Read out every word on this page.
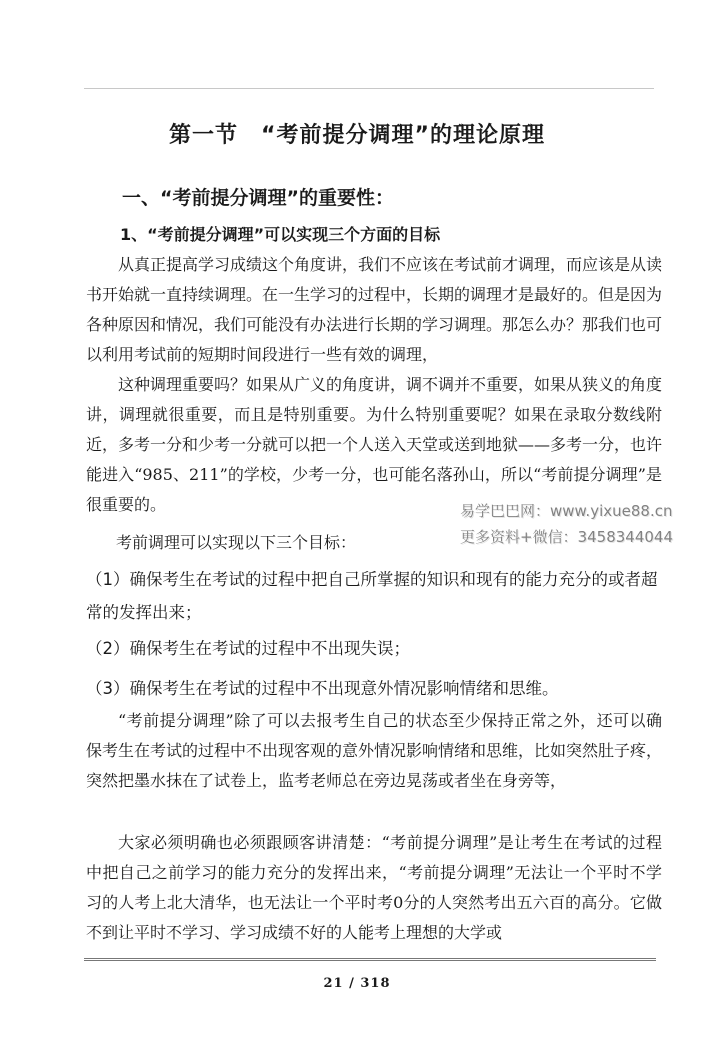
第一节　“考前提分调理”的理论原理
一、“考前提分调理”的重要性：
1、“考前提分调理”可以实现三个方面的目标

从真正提高学习成绩这个角度讲，我们不应该在考试前才调理，而应该是从读书开始就一直持续调理。在一生学习的过程中，长期的调理才是最好的。但是因为各种原因和情况，我们可能没有办法进行长期的学习调理。那怎么办？那我们也可以利用考试前的短期时间段进行一些有效的调理，

这种调理重要吗？如果从广义的角度讲，调不调并不重要，如果从狭义的角度讲，调理就很重要，而且是特别重要。为什么特别重要呢？如果在录取分数线附近，多考一分和少考一分就可以把一个人送入天堂或送到地狱——多考一分，也许能进入“985、211”的学校，少考一分，也可能名落孙山，所以“考前提分调理”是很重要的。

考前调理可以实现以下三个目标：
（1）确保考生在考试的过程中把自己所掌握的知识和现有的能力充分的或者超常的发挥出来；
（2）确保考生在考试的过程中不出现失误；
（3）确保考生在考试的过程中不出现意外情况影响情绪和思维。

“考前提分调理”除了可以去报考生自己的状态至少保持正常之外，还可以确保考生在考试的过程中不出现客观的意外情况影响情绪和思维，比如突然肚子疼，突然把墨水抹在了试卷上，监考老师总在旁边晃荡或者坐在身旁等，

大家必须明确也必须跟顾客讲清楚：“考前提分调理”是让考生在考试的过程中把自己之前学习的能力充分的发挥出来，“考前提分调理”无法让一个平时不学习的人考上北大清华，也无法让一个平时考0分的人突然考出五六百的高分。它做不到让平时不学习、学习成绩不好的人能考上理想的大学或

易学巴巴网：www.yixue88.cn
更多资料+微信：3458344044
21 / 318
